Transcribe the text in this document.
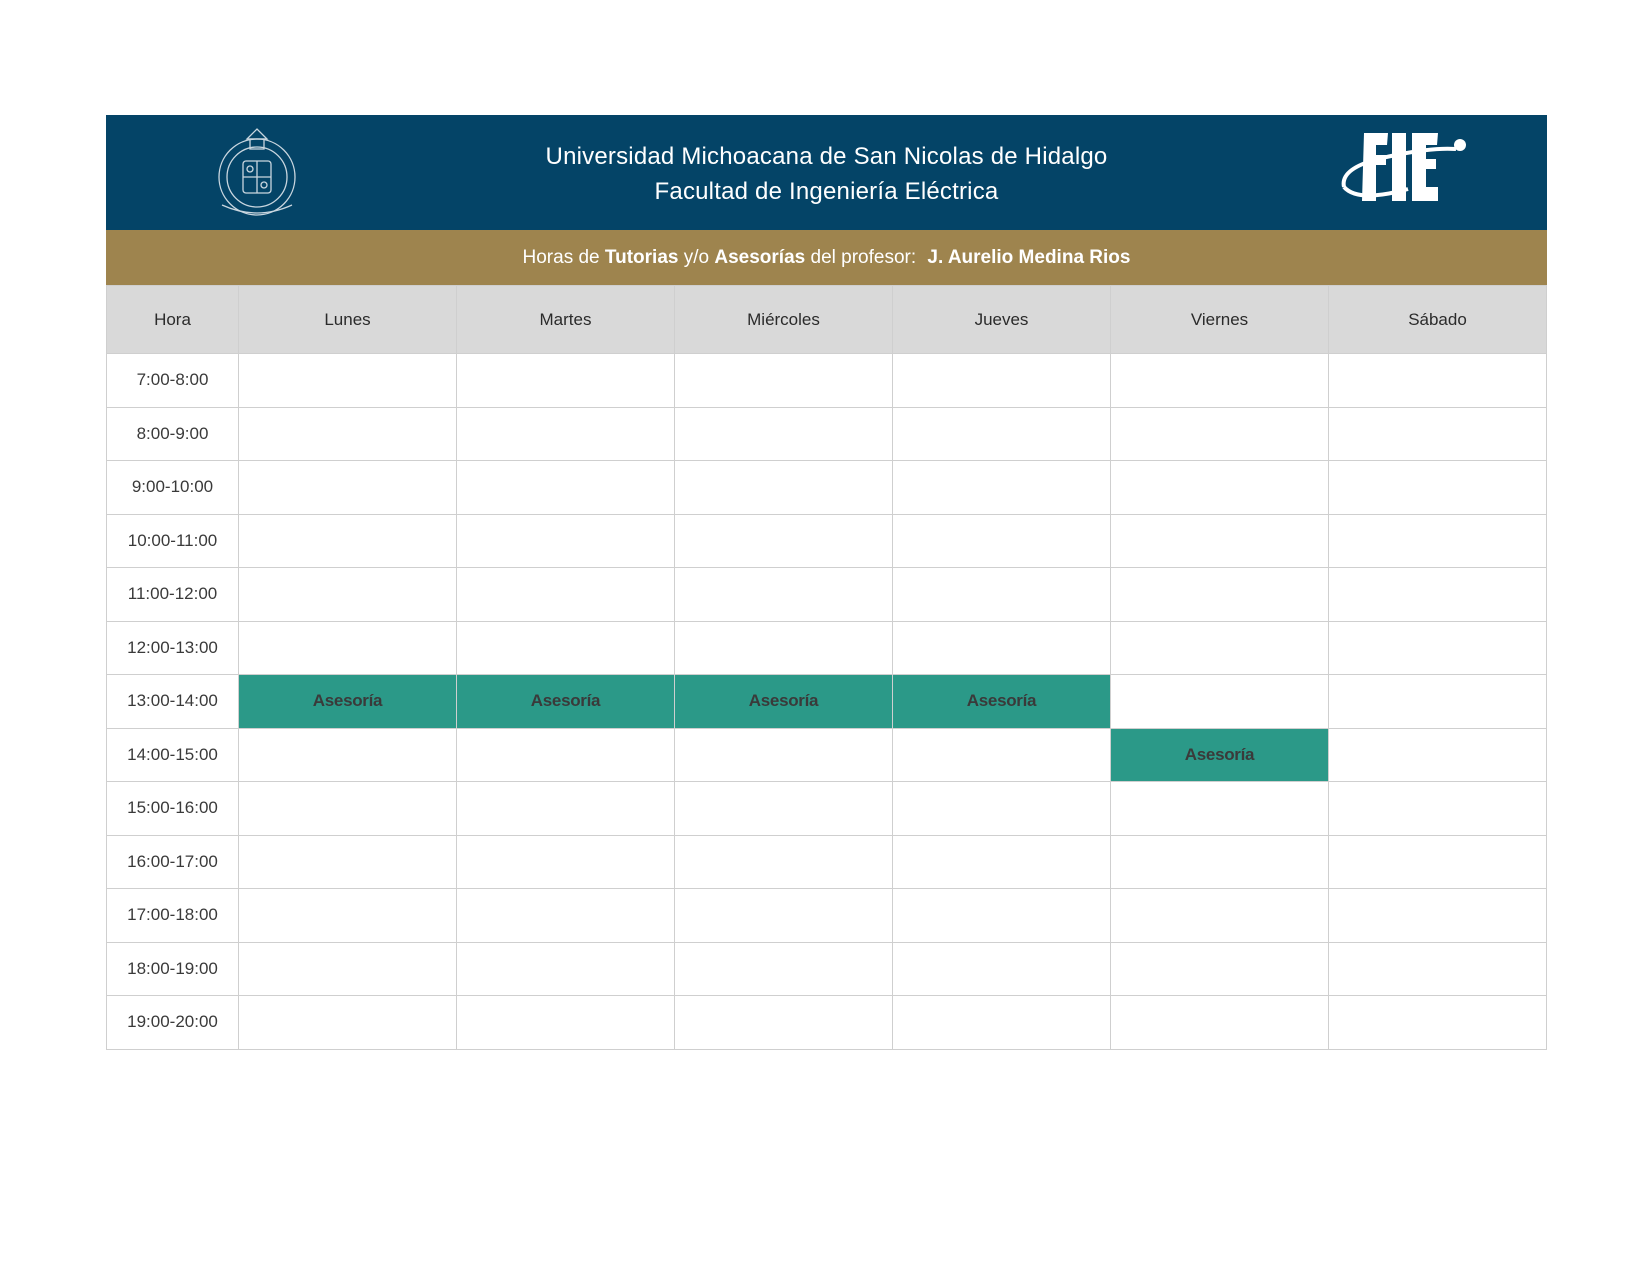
Universidad Michoacana de San Nicolas de Hidalgo
Facultad de Ingeniería Eléctrica
Horas de Tutorias y/o Asesorías del profesor: J. Aurelio Medina Rios
Hora	Lunes	Martes	Miércoles	Jueves	Viernes	Sábado
7:00-8:00						
8:00-9:00						
9:00-10:00						
10:00-11:00						
11:00-12:00						
12:00-13:00						
13:00-14:00	Asesoría	Asesoría	Asesoría	Asesoría		
14:00-15:00					Asesoría	
15:00-16:00						
16:00-17:00						
17:00-18:00						
18:00-19:00						
19:00-20:00						
